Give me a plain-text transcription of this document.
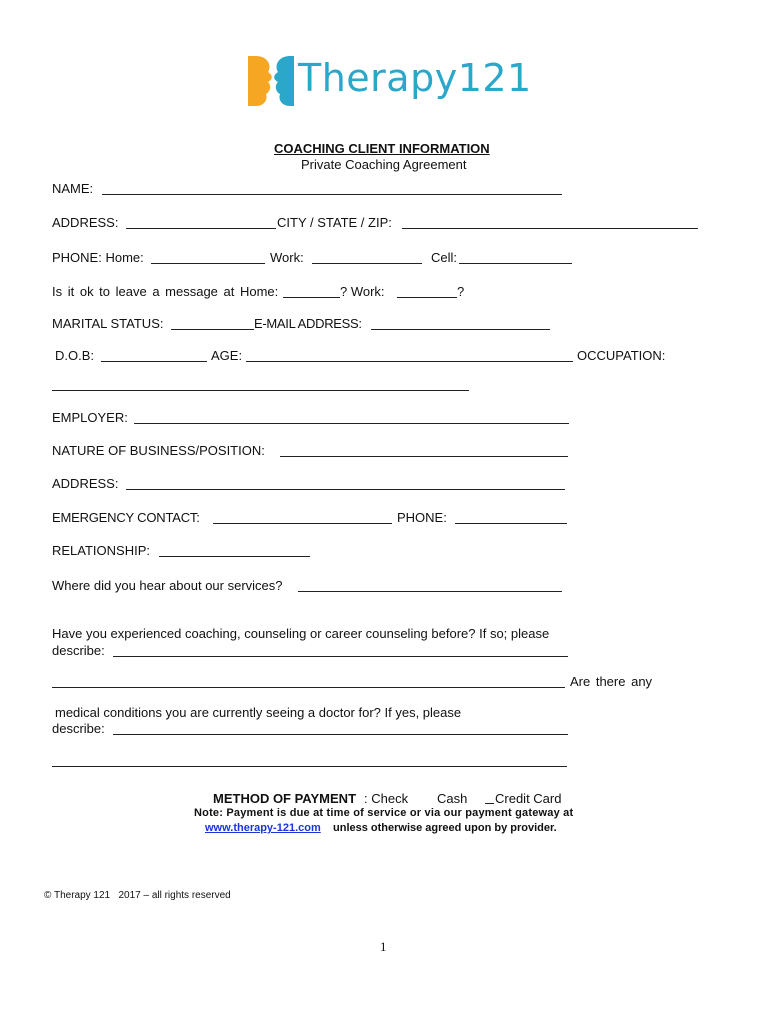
Therapy121

COACHING CLIENT INFORMATION
Private Coaching Agreement
NAME:
ADDRESS:	CITY / STATE / ZIP:
PHONE: Home:	Work:	Cell:
Is it ok to leave a message at Home:	? Work:	?
MARITAL STATUS:	E-MAIL ADDRESS:
D.O.B:	AGE:	OCCUPATION:
EMPLOYER:
NATURE OF BUSINESS/POSITION:
ADDRESS:
EMERGENCY CONTACT:	PHONE:
RELATIONSHIP:
Where did you hear about our services?
Have you experienced coaching, counseling or career counseling before? If so; please
describe:
Are there any
medical conditions you are currently seeing a doctor for? If yes, please
describe:
METHOD OF PAYMENT : Check Cash Credit Card
Note: Payment is due at time of service or via our payment gateway at
www.therapy-121.com unless otherwise agreed upon by provider.
© Therapy 121   2017 – all rights reserved
1
